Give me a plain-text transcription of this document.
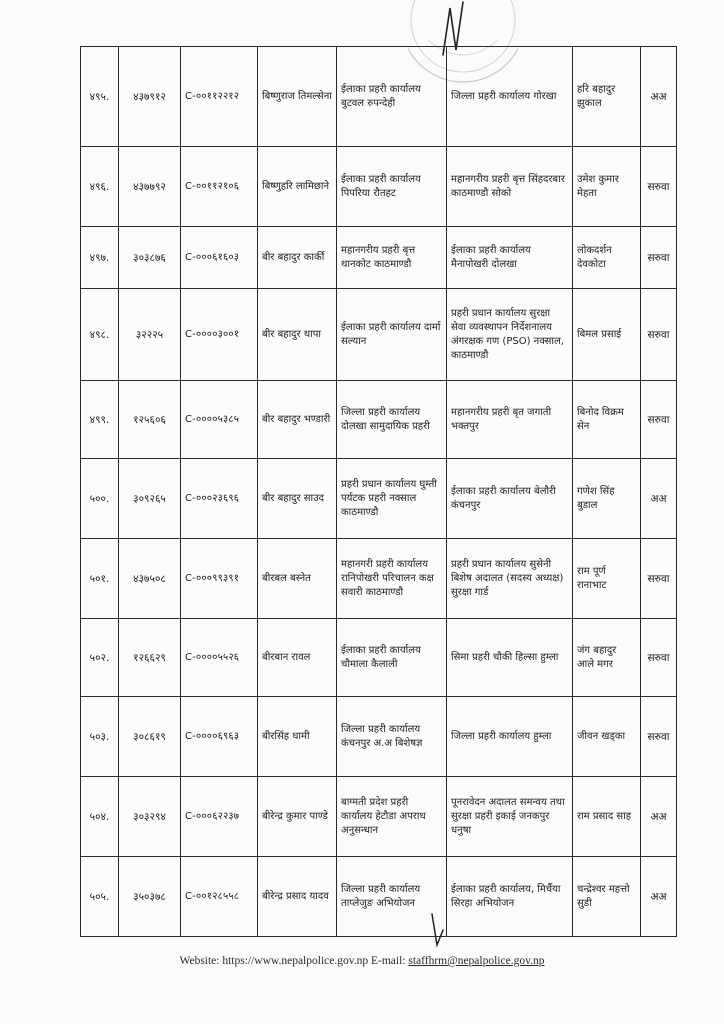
४९५.	४३७९१२	C-००११२२१२	बिष्णुराज तिमल्सेना	ईलाका प्रहरी कार्यालय बुटवल रुपन्देही	जिल्ला प्रहरी कार्यालय गोरखा	हरि बहादुर झुकाल	अअ
४९६.	४३७७९२	C-००११२१०६	बिष्णुहरि लामिछाने	ईलाका प्रहरी कार्यालय पिपरिया रौतहट	महानगरीय प्रहरी बृत्त सिंहदरबार काठमाण्डौ सोको	उमेश कुमार मेहता	सरुवा
४९७.	३०३८७६	C-०००६१६०३	बीर बहादुर कार्की	महानगरीय प्रहरी बृत्त थानकोट काठमाण्डौ	ईलाका प्रहरी कार्यालय मैनापोखरी दोलखा	लोकदर्शन देवकोटा	सरुवा
४९८.	३२२२५	C-००००३००१	बीर बहादुर थापा	ईलाका प्रहरी कार्यालय दार्मा सल्यान	प्रहरी प्रधान कार्यालय सुरक्षा सेवा व्यवस्थापन निर्देशनालय अंगरक्षक गण (PSO) नक्साल, काठमाण्डौ	बिमल प्रसाई	सरुवा
४९९.	१२५६०६	C-००००५३८५	बीर बहादुर भण्डारी	जिल्ला प्रहरी कार्यालय दोलखा सामुदायिक प्रहरी	महानगरीय प्रहरी बृत जगाती भक्तपुर	बिनोद विक्रम सेन	सरुवा
५००.	३०९२६५	C-०००२३६९६	बीर बहादुर साउद	प्रहरी प्रधान कार्यालय घुम्ती पर्यटक प्रहरी नक्साल काठमाण्डौ	ईलाका प्रहरी कार्यालय बेलौरी कंचनपुर	गणेश सिंह बुडाल	अअ
५०१.	४३७५०८	C-०००९९३९१	बीरबल बस्नेत	महानगरी प्रहरी कार्यालय रानिपोखरी परिचालन कक्ष सवारी काठमाण्डौ	प्रहरी प्रधान कार्यालय सुसेनी बिशेष अदालत (सदस्य अध्यक्ष) सुरक्षा गार्ड	राम पूर्ण रानाभाट	सरुवा
५०२.	१२६६२९	C-००००५५२६	बीरबान रावल	ईलाका प्रहरी कार्यालय चौमाला कैलाली	सिमा प्रहरी चौकी हिल्सा हुम्ला	जंग बहादुर आले मगर	सरुवा
५०३.	३०८६१९	C-००००६९६३	बीरसिंह धामी	जिल्ला प्रहरी कार्यालय कंचनपुर अ.अ बिशेषज्ञ	जिल्ला प्रहरी कार्यालय हुम्ला	जीवन खड्का	सरुवा
५०४.	३०३२९४	C-०००६२२३७	बीरेन्द्र कुमार पाण्डे	बाग्मती प्रदेश प्रहरी कार्यालय हेटौडा अपराध अनुसन्धान	पूनरावेदन अदालत समन्वय तथा सुरक्षा प्रहरी इकाई जनकपुर धनुषा	राम प्रसाद साह	अअ
५०५.	३५०३७८	C-००१२८५५८	बीरेन्द्र प्रसाद यादव	जिल्ला प्रहरी कार्यालय ताप्लेजुङ अभियोजन	ईलाका प्रहरी कार्यालय, मिर्चैया सिरहा अभियोजन	चन्द्रेश्वर महत्तो सुडी	अअ
Website: https://www.nepalpolice.gov.np E-mail: staffhrm@nepalpolice.gov.np
